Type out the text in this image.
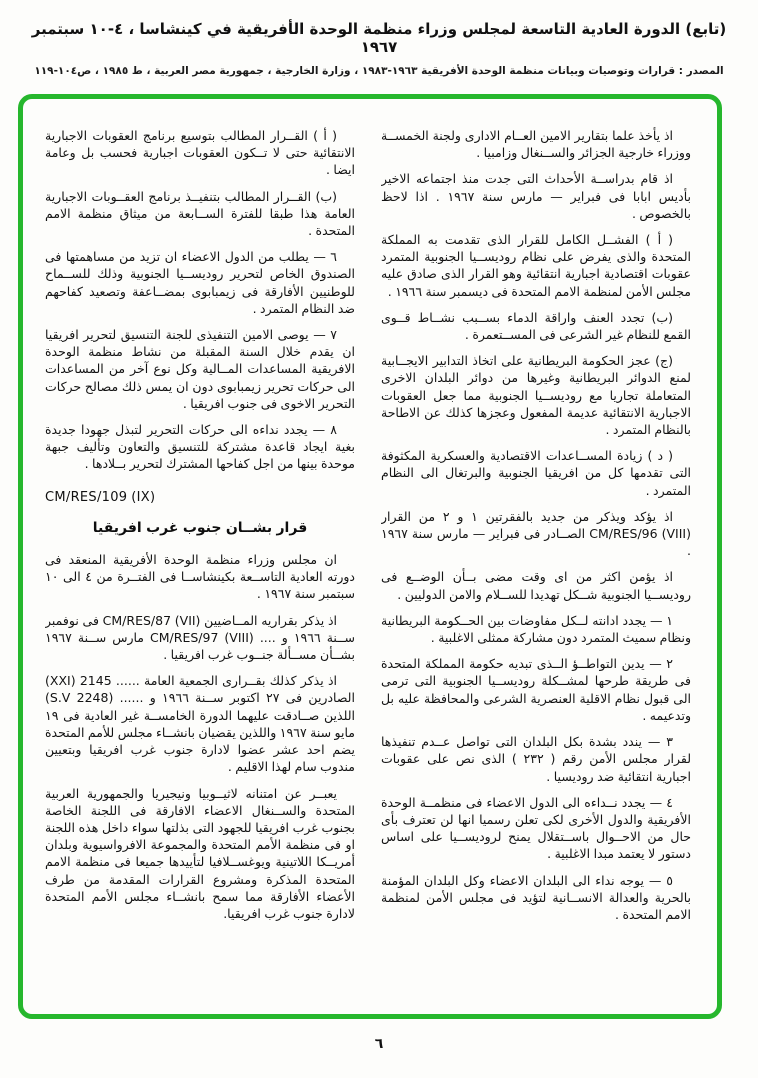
(تابع) الدورة العادية التاسعة لمجلس وزراء منظمة الوحدة الأفريقية في كينشاسا ، ٤-١٠ سبتمبر ١٩٦٧
المصدر : قرارات وتوصيات وبيانات منظمة الوحدة الأفريقية ١٩٦٣-١٩٨٣ ، وزارة الخارجية ، جمهورية مصر العربية ، ط ١٩٨٥ ، ص١٠٤-١١٩

اذ يأخذ علما بتقارير الامين العــام الادارى ولجنة الخمســة ووزراء خارجية الجزائر والســنغال وزامبيا .

اذ قام بدراســة الأحداث التى جدت منذ اجتماعه الاخير بأديس ابابا فى فبراير — مارس سنة ١٩٦٧ . اذا لاحظ بالخصوص .

( أ ) الفشــل الكامل للقرار الذى تقدمت به المملكة المتحدة والذى يفرض على نظام روديســيا الجنوبية المتمرد عقوبات اقتصادية اجبارية انتقائية وهو القرار الذى صادق عليه مجلس الأمن لمنظمة الامم المتحدة فى ديسمبر سنة ١٩٦٦ .

(ب) تجدد العنف واراقة الدماء بســبب نشــاط قــوى القمع للنظام غير الشرعى فى المســتعمرة .

(ج) عجز الحكومة البريطانية على اتخاذ التدابير الايجــابية لمنع الدوائر البريطانية وغيرها من دوائر البلدان الاخرى المتعاملة تجاريا مع روديســيا الجنوبية مما جعل العقوبات الاجبارية الانتقائية عديمة المفعول وعجزها كذلك عن الاطاحة بالنظام المتمرد .

( د ) زيادة المســاعدات الاقتصادية والعسكرية المكثوفة التى تقدمها كل من افريقيا الجنوبية والبرتغال الى النظام المتمرد .

اذ يؤكد ويذكر من جديد بالفقرتين ١ و ٢ من القرار CM/RES/96 (VIII) الصــادر فى فبراير — مارس سنة ١٩٦٧ .

اذ يؤمن اكثر من اى وقت مضى بــأن الوضــع فى روديســيا الجنوبية شــكل تهديدا للســلام والامن الدوليين .

١ — يجدد ادانته لــكل مفاوضات بين الحــكومة البريطانية ونظام سميث المتمرد دون مشاركة ممثلى الاغلبية .

٢ — يدين التواطــؤ الــذى تبديه حكومة المملكة المتحدة فى طريقة طرحها لمشــكلة روديســيا الجنوبية التى ترمى الى قبول نظام الاقلية العنصرية الشرعى والمحافظة عليه بل وتدعيمه .

٣ — يندد بشدة بكل البلدان التى تواصل عــدم تنفيذها لقرار مجلس الأمن رقم ( ٢٣٢ ) الذى نص على عقوبات اجبارية انتقائية ضد روديسيا .

٤ — يجدد نــداءه الى الدول الاعضاء فى منظمــة الوحدة الأفريقية والدول الأخرى لكى تعلن رسميا انها لن تعترف بأى حال من الاحــوال باســتقلال يمنح لروديســيا على اساس دستور لا يعتمد مبدا الاغلبية .

٥ — يوجه نداء الى البلدان الاعضاء وكل البلدان المؤمنة بالحرية والعدالة الانســانية لتؤيد فى مجلس الأمن لمنظمة الامم المتحدة .

( أ ) القــرار المطالب بتوسيع برنامج العقوبات الاجبارية الانتقائية حتى لا تــكون العقوبات اجبارية فحسب بل وعامة ايضا .

(ب) القــرار المطالب بتنفيــذ برنامج العقــوبات الاجبارية العامة هذا طبقا للفترة الســابعة من ميثاق منظمة الامم المتحدة .

٦ — يطلب من الدول الاعضاء ان تزيد من مساهمتها فى الصندوق الخاص لتحرير روديســيا الجنوبية وذلك للســماح للوطنيين الأفارقة فى زيمبابوى بمضــاعفة وتصعيد كفاحهم ضد النظام المتمرد .

٧ — يوصى الامين التنفيذى للجنة التنسيق لتحرير افريقيا ان يقدم خلال السنة المقبلة من نشاط منظمة الوحدة الافريقية المساعدات المــالية وكل نوع آخر من المساعدات الى حركات تحرير زيمبابوى دون ان يمس ذلك مصالح حركات التحرير الاخوى فى جنوب افريقيا .

٨ — يجدد نداءه الى حركات التحرير لتبذل جهودا جديدة بغية ايجاد قاعدة مشتركة للتنسيق والتعاون وتأليف جبهة موحدة بينها من اجل كفاحها المشترك لتحرير بــلادها .

CM/RES/109 (IX)
قرار بشــان جنوب غرب افريقيا

ان مجلس وزراء منظمة الوحدة الأفريقية المنعقد فى دورته العادية التاســعة بكينشاســا فى الفتــرة من ٤ الى ١٠ سبتمبر سنة ١٩٦٧ .

اذ يذكر بقراريه المــاضيين CM/RES/87 (VII) فى نوفمبر ســنة ١٩٦٦ و .... CM/RES/97 (VIII) مارس ســنة ١٩٦٧ بشــأن مســألة جنــوب غرب افريقيا .

اذ يذكر كذلك بقــرارى الجمعية العامة ...... 2145 (XXI) الصادرين فى ٢٧ اكتوبر ســنة ١٩٦٦ و ...... (2248 S.V) اللذين صــادقت عليهما الدورة الخامســة غير العادية فى ١٩ مايو سنة ١٩٦٧ واللذين يقضيان بانشــاء مجلس للأمم المتحدة يضم احد عشر عضوا لادارة جنوب غرب افريقيا وبتعيين مندوب سام لهذا الاقليم .

يعبــر عن امتنانه لاثيــوبيا ونيجيريا والجمهورية العربية المتحدة والســنغال الاعضاء الافارقة فى اللجنة الخاصة بجنوب غرب افريقيا للجهود التى بذلتها سواء داخل هذه اللجنة او فى منظمة الأمم المتحدة والمجموعة الافرواسيوية وبلدان أمريــكا اللاتينية ويوغســلافيا لتأييدها جميعا فى منظمة الامم المتحدة المذكرة ومشروع القرارات المقدمة من طرف الأعضاء الأفارقة مما سمح بانشــاء مجلس الأمم المتحدة لادارة جنوب غرب افريقيا.

٦
